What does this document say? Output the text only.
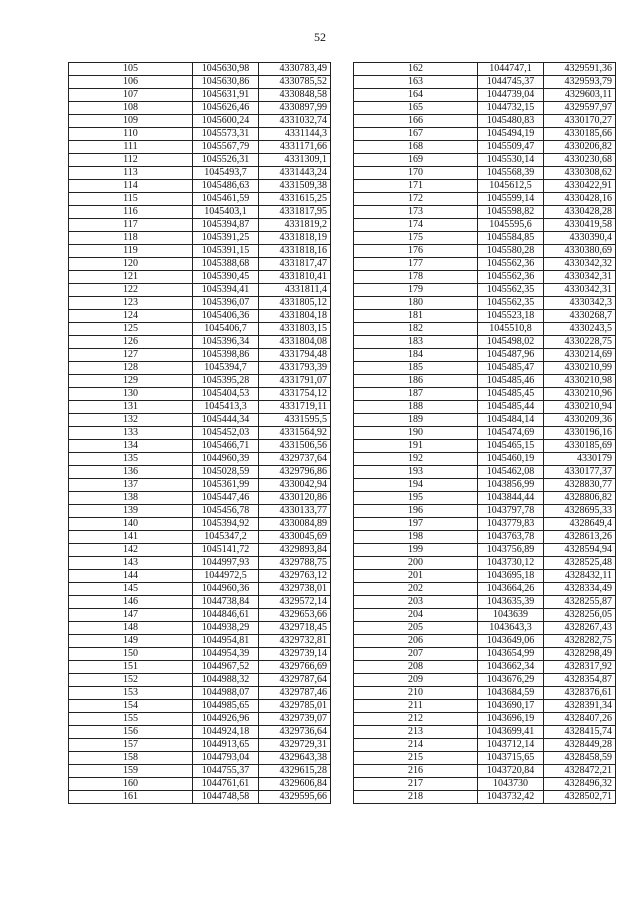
52
105	1045630,98	4330783,49
106	1045630,86	4330785,52
107	1045631,91	4330848,58
108	1045626,46	4330897,99
109	1045600,24	4331032,74
110	1045573,31	4331144,3
111	1045567,79	4331171,66
112	1045526,31	4331309,1
113	1045493,7	4331443,24
114	1045486,63	4331509,38
115	1045461,59	4331615,25
116	1045403,1	4331817,95
117	1045394,87	4331819,2
118	1045391,25	4331818,19
119	1045391,15	4331818,16
120	1045388,68	4331817,47
121	1045390,45	4331810,41
122	1045394,41	4331811,4
123	1045396,07	4331805,12
124	1045406,36	4331804,18
125	1045406,7	4331803,15
126	1045396,34	4331804,08
127	1045398,86	4331794,48
128	1045394,7	4331793,39
129	1045395,28	4331791,07
130	1045404,53	4331754,12
131	1045413,3	4331719,11
132	1045444,34	4331595,5
133	1045452,03	4331564,92
134	1045466,71	4331506,56
135	1044960,39	4329737,64
136	1045028,59	4329796,86
137	1045361,99	4330042,94
138	1045447,46	4330120,86
139	1045456,78	4330133,77
140	1045394,92	4330084,89
141	1045347,2	4330045,69
142	1045141,72	4329893,84
143	1044997,93	4329788,75
144	1044972,5	4329763,12
145	1044960,36	4329738,01
146	1044738,84	4329572,14
147	1044846,61	4329653,66
148	1044938,29	4329718,45
149	1044954,81	4329732,81
150	1044954,39	4329739,14
151	1044967,52	4329766,69
152	1044988,32	4329787,64
153	1044988,07	4329787,46
154	1044985,65	4329785,01
155	1044926,96	4329739,07
156	1044924,18	4329736,64
157	1044913,65	4329729,31
158	1044793,04	4329643,38
159	1044755,37	4329615,28
160	1044761,61	4329606,84
161	1044748,58	4329595,66
162	1044747,1	4329591,36
163	1044745,37	4329593,79
164	1044739,04	4329603,11
165	1044732,15	4329597,97
166	1045480,83	4330170,27
167	1045494,19	4330185,66
168	1045509,47	4330206,82
169	1045530,14	4330230,68
170	1045568,39	4330308,62
171	1045612,5	4330422,91
172	1045599,14	4330428,16
173	1045598,82	4330428,28
174	1045595,6	4330419,58
175	1045584,85	4330390,4
176	1045580,28	4330380,69
177	1045562,36	4330342,32
178	1045562,36	4330342,31
179	1045562,35	4330342,31
180	1045562,35	4330342,3
181	1045523,18	4330268,7
182	1045510,8	4330243,5
183	1045498,02	4330228,75
184	1045487,96	4330214,69
185	1045485,47	4330210,99
186	1045485,46	4330210,98
187	1045485,45	4330210,96
188	1045485,44	4330210,94
189	1045484,14	4330209,36
190	1045474,69	4330196,16
191	1045465,15	4330185,69
192	1045460,19	4330179
193	1045462,08	4330177,37
194	1043856,99	4328830,77
195	1043844,44	4328806,82
196	1043797,78	4328695,33
197	1043779,83	4328649,4
198	1043763,78	4328613,26
199	1043756,89	4328594,94
200	1043730,12	4328525,48
201	1043695,18	4328432,11
202	1043664,26	4328334,49
203	1043635,39	4328255,87
204	1043639	4328256,05
205	1043643,3	4328267,43
206	1043649,06	4328282,75
207	1043654,99	4328298,49
208	1043662,34	4328317,92
209	1043676,29	4328354,87
210	1043684,59	4328376,61
211	1043690,17	4328391,34
212	1043696,19	4328407,26
213	1043699,41	4328415,74
214	1043712,14	4328449,28
215	1043715,65	4328458,59
216	1043720,84	4328472,21
217	1043730	4328496,32
218	1043732,42	4328502,71
